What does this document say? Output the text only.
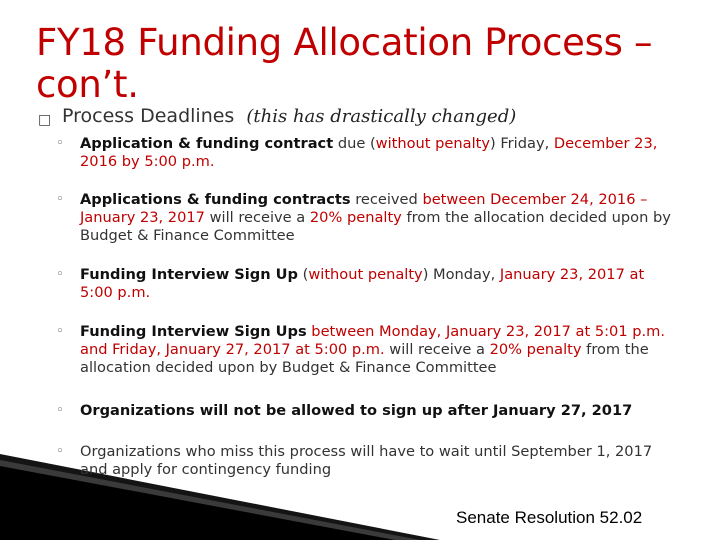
FY18 Funding Allocation Process – con’t.
□ Process Deadlines (this has drastically changed)
◦ Application & funding contract due (without penalty) Friday, December 23, 2016 by 5:00 p.m.
◦ Applications & funding contracts received between December 24, 2016 – January 23, 2017 will receive a 20% penalty from the allocation decided upon by Budget & Finance Committee
◦ Funding Interview Sign Up (without penalty) Monday, January 23, 2017 at 5:00 p.m.
◦ Funding Interview Sign Ups between Monday, January 23, 2017 at 5:01 p.m. and Friday, January 27, 2017 at 5:00 p.m. will receive a 20% penalty from the allocation decided upon by Budget & Finance Committee
◦ Organizations will not be allowed to sign up after January 27, 2017
◦ Organizations who miss this process will have to wait until September 1, 2017 and apply for contingency funding
Senate Resolution 52.02
